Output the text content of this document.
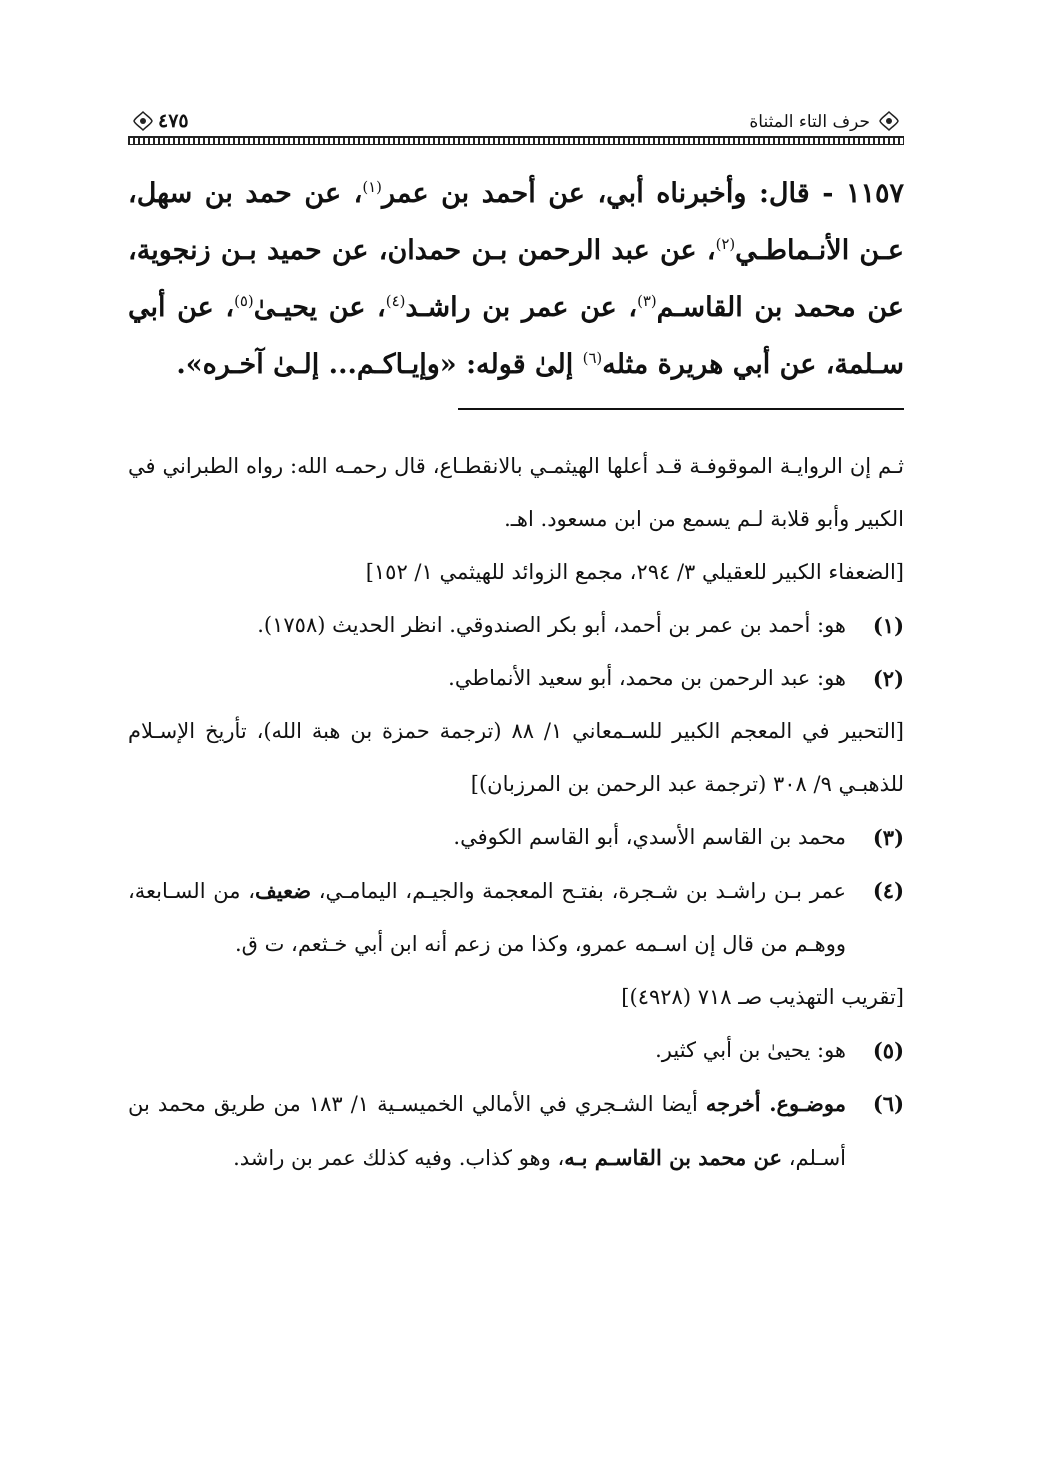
حرف التاء المثناة
٤٧٥

١١٥٧ - قال: وأخبرناه أبي، عن أحمد بن عمر$^{(١)}$، عن حمد بن سهل، عـن الأنـماطـي$^{(٢)}$، عن عبد الرحمن بـن حمدان، عن حميد بـن زنجوية، عن محمد بن القاسـم$^{(٣)}$، عن عمر بن راشـد$^{(٤)}$، عن يحيـىٰ$^{(٥)}$، عن أبي سـلمة، عن أبي هريرة مثله$^{(٦)}$ إلىٰ قوله: «وإيـاكـم... إلـىٰ آخـره».

ثـم إن الروايـة الموقوفـة قـد أعلها الهيثمـي بالانقطـاع، قال رحمـه الله: رواه الطبراني في الكبير وأبو قلابة لـم يسمع من ابن مسعود. اهـ.

[الضعفاء الكبير للعقيلي ٣/ ٢٩٤، مجمع الزوائد للهيثمي ١/ ١٥٢]

(١)
هو: أحمد بن عمر بن أحمد، أبو بكر الصندوقي. انظر الحديث (١٧٥٨).
(٢)
هو: عبد الرحمن بن محمد، أبو سعيد الأنماطي.

[التحبير في المعجم الكبير للسـمعاني ١/ ٨٨ (ترجمة حمزة بن هبة الله)، تأريخ الإسـلام للذهبـي ٩/ ٣٠٨ (ترجمة عبد الرحمن بن المرزبان)]

(٣)
محمد بن القاسم الأسدي، أبو القاسم الكوفي.
(٤)
عمر بـن راشـد بن شـجرة، بفتـح المعجمة والجيـم، اليمامـي، ضعيف، من السـابعة، ووهـم من قال إن اسـمه عمرو، وكذا من زعم أنه ابن أبي خـثعم، ت ق.

[تقريب التهذيب صـ ٧١٨ (٤٩٢٨)]

(٥)
هو: يحيىٰ بن أبي كثير.
(٦)
موضـوع. أخرجه أيضا الشـجري في الأمالي الخميسـية ١/ ١٨٣ من طريق محمد بن أسـلم، عن محمد بن القاسـم بـه، وهو كذاب. وفيه كذلك عمر بن راشد.
